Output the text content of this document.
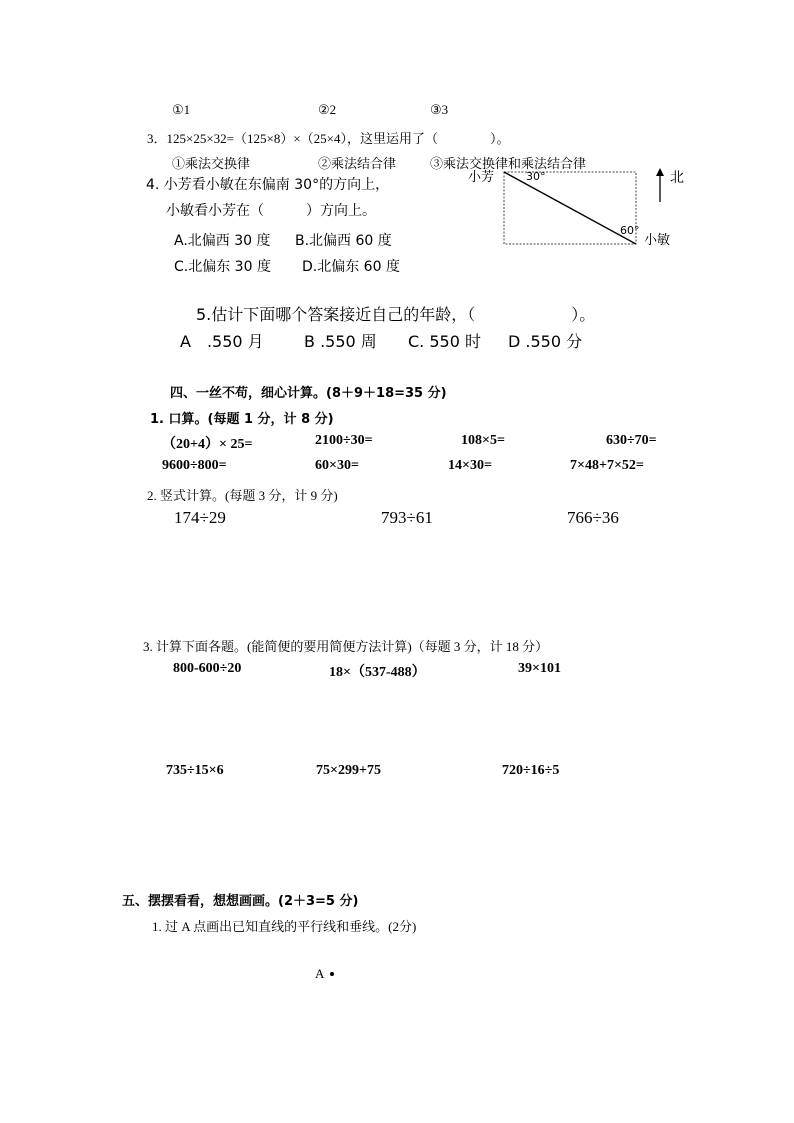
①1	②2	③3
3．125×25×32=（125×8）×（25×4），这里运用了（　　　　）。
①乘法交换律	②乘法结合律	③乘法交换律和乘法结合律
4. 小芳看小敏在东偏南 30°的方向上，
小敏看小芳在（　　　）方向上。
A.北偏西 30 度 B.北偏西 60 度
C.北偏东 30 度 D.北偏东 60 度
小芳
小敏
30°
60°
北
5.估计下面哪个答案接近自己的年龄，（　　　　　　）。
A　.550 月	B .550 周 C. 550 时 D .550 分
四、一丝不苟，细心计算。(8＋9＋18=35 分)
1. 口算。(每题 1 分，计 8 分)
（20+4）× 25=	2100÷30=	108×5=	630÷70=
9600÷800=	60×30=	14×30=	7×48+7×52=
2. 竖式计算。(每题 3 分，计 9 分)
174÷29	793÷61	766÷36
3. 计算下面各题。(能简便的要用简便方法计算)（每题 3 分，计 18 分）
800-600÷20	18×（537-488）	39×101
735÷15×6	75×299+75	720÷16÷5
五、摆摆看看，想想画画。(2＋3=5 分)
1. 过 A 点画出已知直线的平行线和垂线。(2分)
A
